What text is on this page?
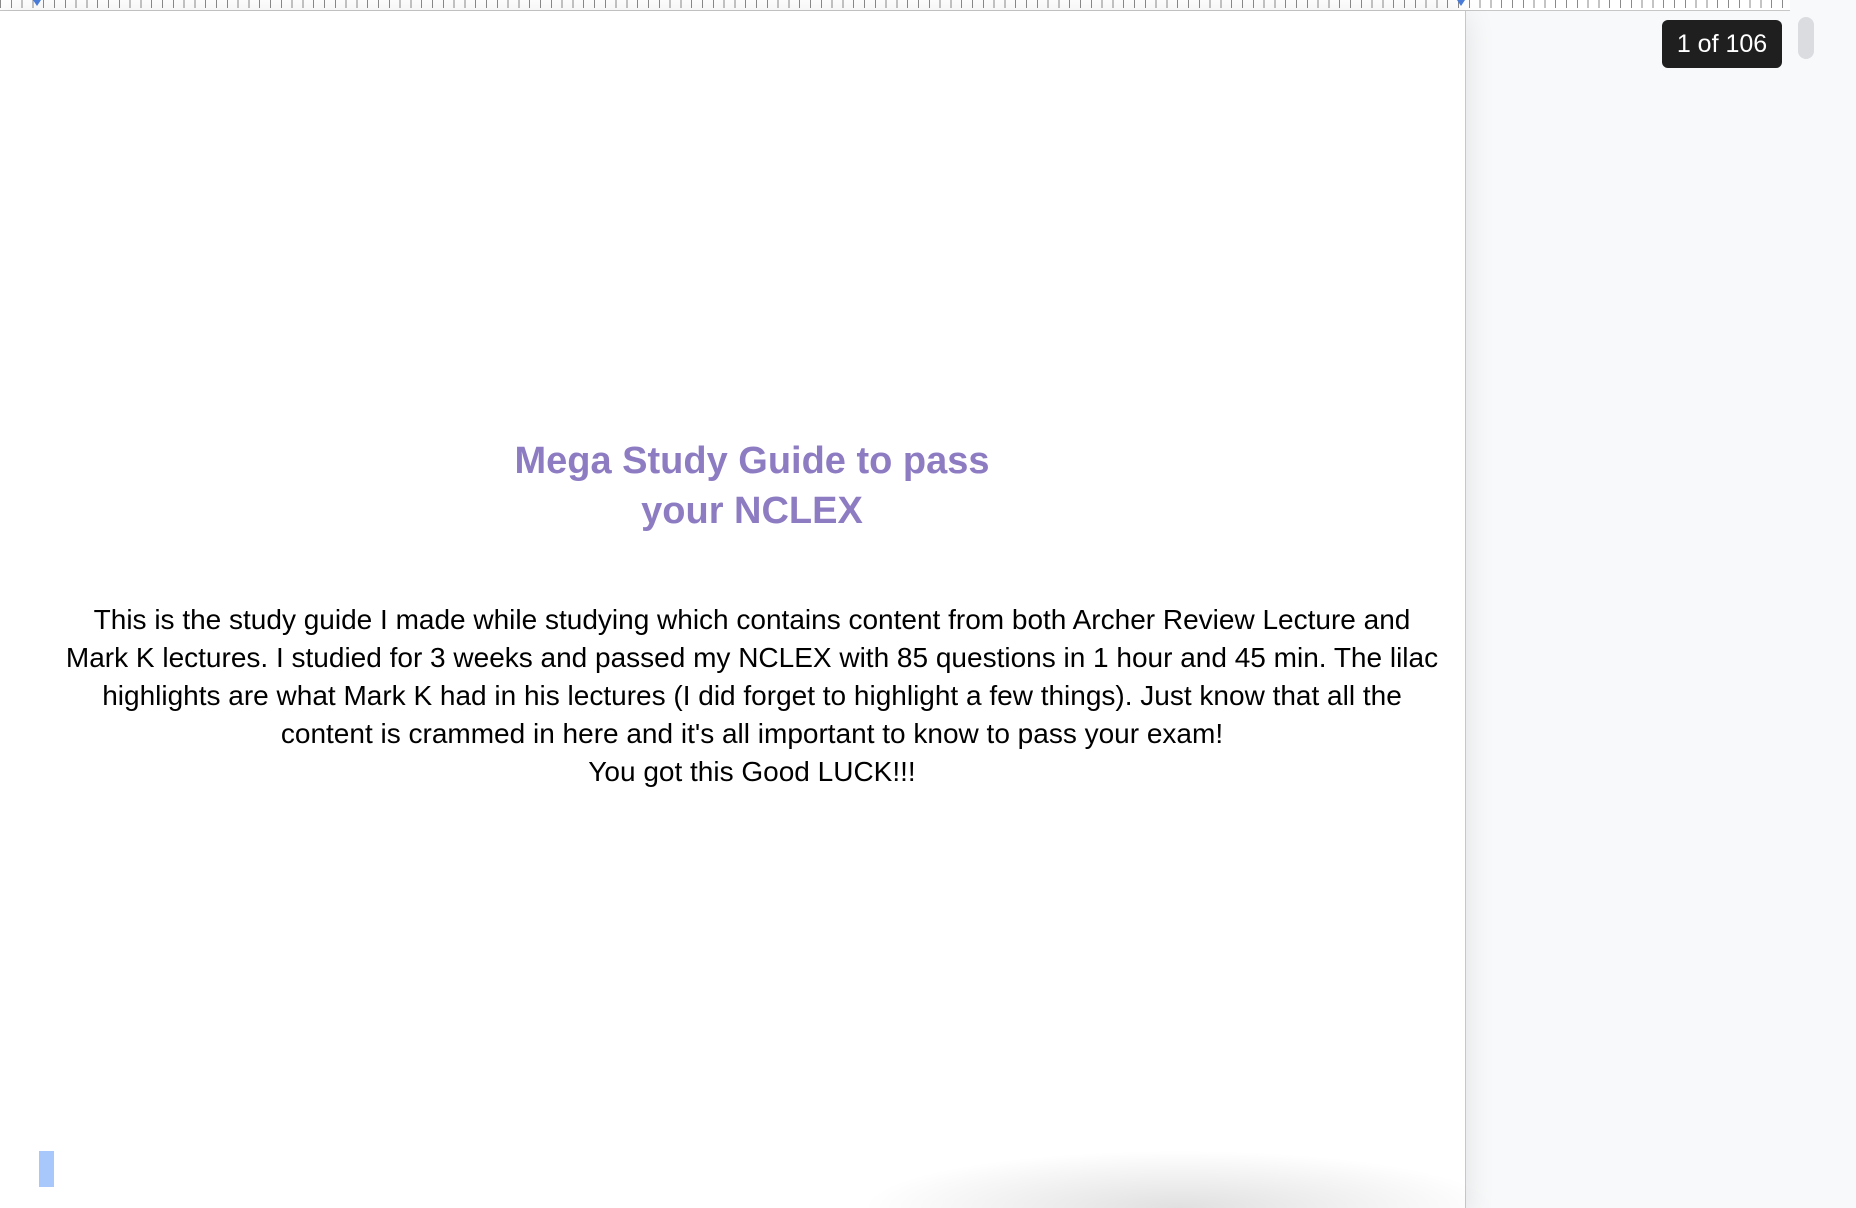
Mega Study Guide to pass
your NCLEX
This is the study guide I made while studying which contains content from both Archer Review Lecture and
Mark K lectures. I studied for 3 weeks and passed my NCLEX with 85 questions in 1 hour and 45 min. The lilac
highlights are what Mark K had in his lectures (I did forget to highlight a few things). Just know that all the
content is crammed in here and it's all important to know to pass your exam!
You got this Good LUCK!!!
1 of 106
